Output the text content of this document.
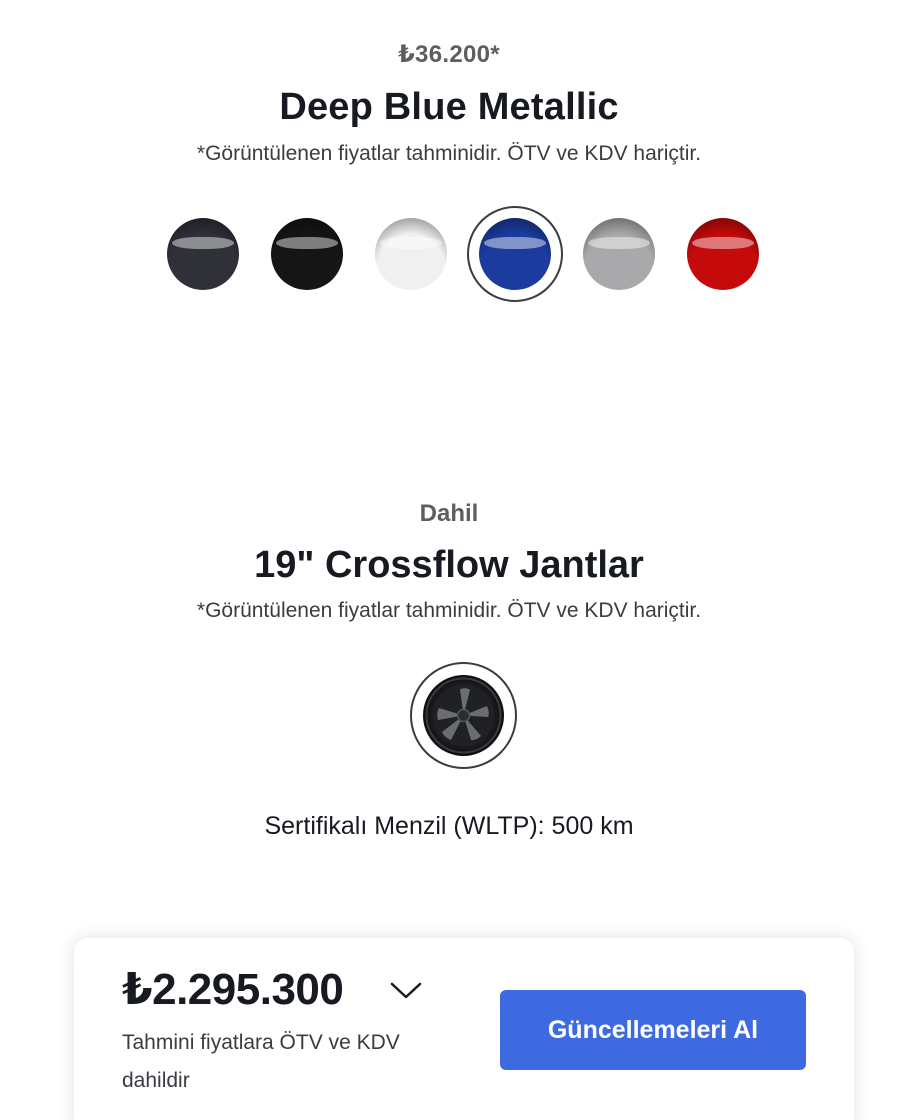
₺36.200*
Deep Blue Metallic
*Görüntülenen fiyatlar tahminidir. ÖTV ve KDV hariçtir.
Dahil
19" Crossflow Jantlar
*Görüntülenen fiyatlar tahminidir. ÖTV ve KDV hariçtir.
Sertifikalı Menzil (WLTP): 500 km
₺2.295.300
Tahmini fiyatlara ÖTV ve KDV dahildir
Güncellemeleri Al
